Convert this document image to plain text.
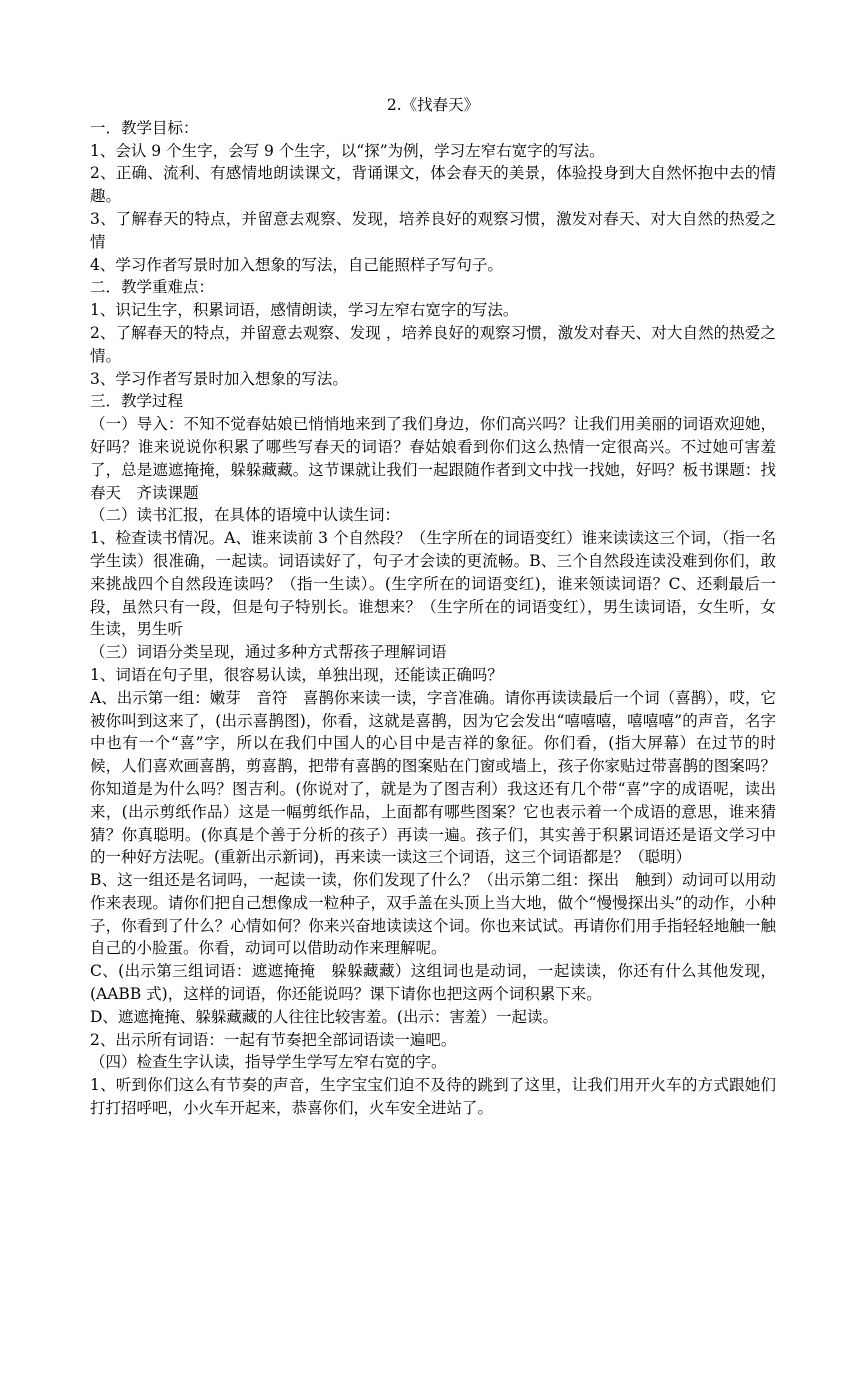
2.《找春天》

一．教学目标：

1、会认 9 个生字，会写 9 个生字，以“探”为例，学习左窄右宽字的写法。

2、正确、流利、有感情地朗读课文，背诵课文，体会春天的美景，体验投身到大自然怀抱中去的情趣。

3、了解春天的特点，并留意去观察、发现，培养良好的观察习惯，激发对春天、对大自然的热爱之情

4、学习作者写景时加入想象的写法，自己能照样子写句子。

二．教学重难点：

1、识记生字，积累词语，感情朗读，学习左窄右宽字的写法。

2、了解春天的特点，并留意去观察、发现 ，培养良好的观察习惯，激发对春天、对大自然的热爱之情。

3、学习作者写景时加入想象的写法。

三．教学过程

（一）导入：不知不觉春姑娘已悄悄地来到了我们身边，你们高兴吗？让我们用美丽的词语欢迎她，好吗？谁来说说你积累了哪些写春天的词语？春姑娘看到你们这么热情一定很高兴。不过她可害羞了，总是遮遮掩掩，躲躲藏藏。这节课就让我们一起跟随作者到文中找一找她，好吗？板书课题：找春天　齐读课题

（二）读书汇报，在具体的语境中认读生词：

1、检查读书情况。A、谁来读前 3 个自然段？（生字所在的词语变红）谁来读读这三个词，（指一名学生读）很准确，一起读。词语读好了，句子才会读的更流畅。B、三个自然段连读没难到你们，敢来挑战四个自然段连读吗？（指一生读）。(生字所在的词语变红)，谁来领读词语？C、还剩最后一段，虽然只有一段，但是句子特别长。谁想来？（生字所在的词语变红），男生读词语，女生听，女生读，男生听

（三）词语分类呈现，通过多种方式帮孩子理解词语

1、词语在句子里，很容易认读，单独出现，还能读正确吗？

A、出示第一组：嫩芽　音符　喜鹊你来读一读，字音准确。请你再读读最后一个词（喜鹊），哎，它被你叫到这来了，(出示喜鹊图)，你看，这就是喜鹊，因为它会发出“嘻嘻嘻，嘻嘻嘻”的声音，名字中也有一个“喜”字，所以在我们中国人的心目中是吉祥的象征。你们看，(指大屏幕）在过节的时候，人们喜欢画喜鹊，剪喜鹊，把带有喜鹊的图案贴在门窗或墙上，孩子你家贴过带喜鹊的图案吗？你知道是为什么吗？图吉利。(你说对了，就是为了图吉利）我这还有几个带“喜”字的成语呢，读出来，(出示剪纸作品）这是一幅剪纸作品，上面都有哪些图案？它也表示着一个成语的意思，谁来猜猜？你真聪明。(你真是个善于分析的孩子）再读一遍。孩子们，其实善于积累词语还是语文学习中的一种好方法呢。(重新出示新词)，再来读一读这三个词语，这三个词语都是？（聪明）

B、这一组还是名词吗，一起读一读，你们发现了什么？（出示第二组：探出　触到）动词可以用动作来表现。请你们把自己想像成一粒种子，双手盖在头顶上当大地，做个“慢慢探出头”的动作，小种子，你看到了什么？心情如何？你来兴奋地读读这个词。你也来试试。再请你们用手指轻轻地触一触自己的小脸蛋。你看，动词可以借助动作来理解呢。

C、(出示第三组词语：遮遮掩掩　躲躲藏藏）这组词也是动词，一起读读，你还有什么其他发现，(AABB 式)，这样的词语，你还能说吗？课下请你也把这两个词积累下来。

D、遮遮掩掩、躲躲藏藏的人往往比较害羞。(出示：害羞）一起读。

2、出示所有词语：一起有节奏把全部词语读一遍吧。

（四）检查生字认读，指导学生学写左窄右宽的字。

1、听到你们这么有节奏的声音，生字宝宝们迫不及待的跳到了这里，让我们用开火车的方式跟她们打打招呼吧，小火车开起来，恭喜你们，火车安全进站了。
